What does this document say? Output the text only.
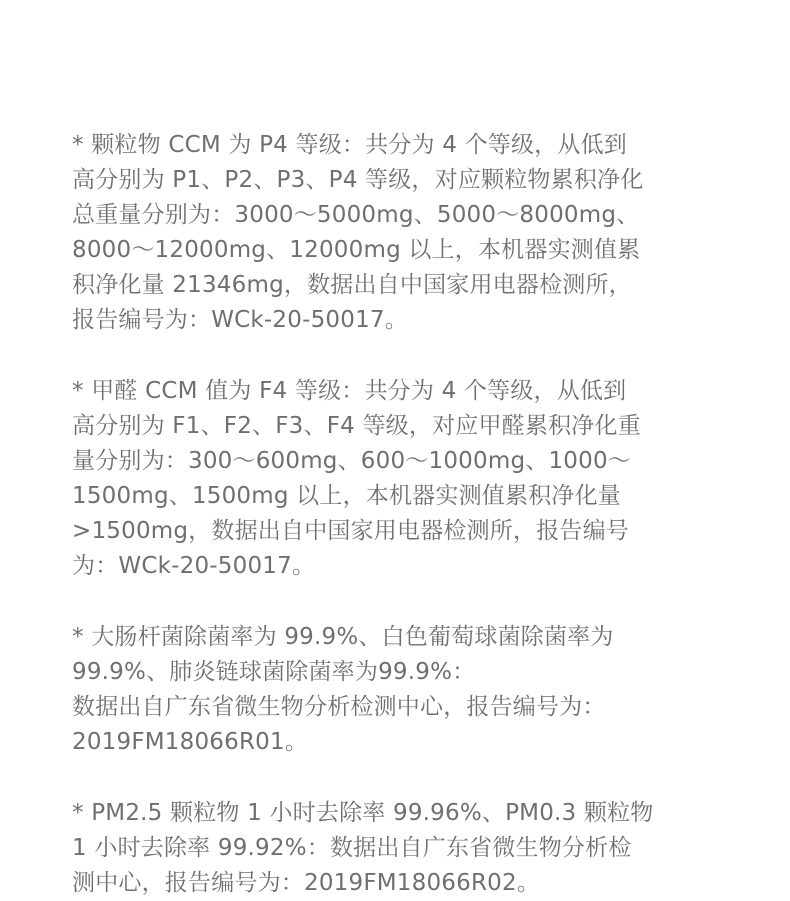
* 颗粒物 CCM 为 P4 等级：共分为 4 个等级，从低到
高分别为 P1、P2、P3、P4 等级，对应颗粒物累积净化
总重量分别为：3000～5000mg、5000～8000mg、
8000～12000mg、12000mg 以上，本机器实测值累
积净化量 21346mg，数据出自中国家用电器检测所，
报告编号为：WCk-20-50017。

* 甲醛 CCM 值为 F4 等级：共分为 4 个等级，从低到
高分别为 F1、F2、F3、F4 等级，对应甲醛累积净化重
量分别为：300～600mg、600～1000mg、1000～
1500mg、1500mg 以上，本机器实测值累积净化量
>1500mg，数据出自中国家用电器检测所，报告编号
为：WCk-20-50017。

* 大肠杆菌除菌率为 99.9%、白色葡萄球菌除菌率为
99.9%、肺炎链球菌除菌率为99.9%：
数据出自广东省微生物分析检测中心，报告编号为：
2019FM18066R01。

* PM2.5 颗粒物 1 小时去除率 99.96%、PM0.3 颗粒物
1 小时去除率 99.92%：数据出自广东省微生物分析检
测中心，报告编号为：2019FM18066R02。
